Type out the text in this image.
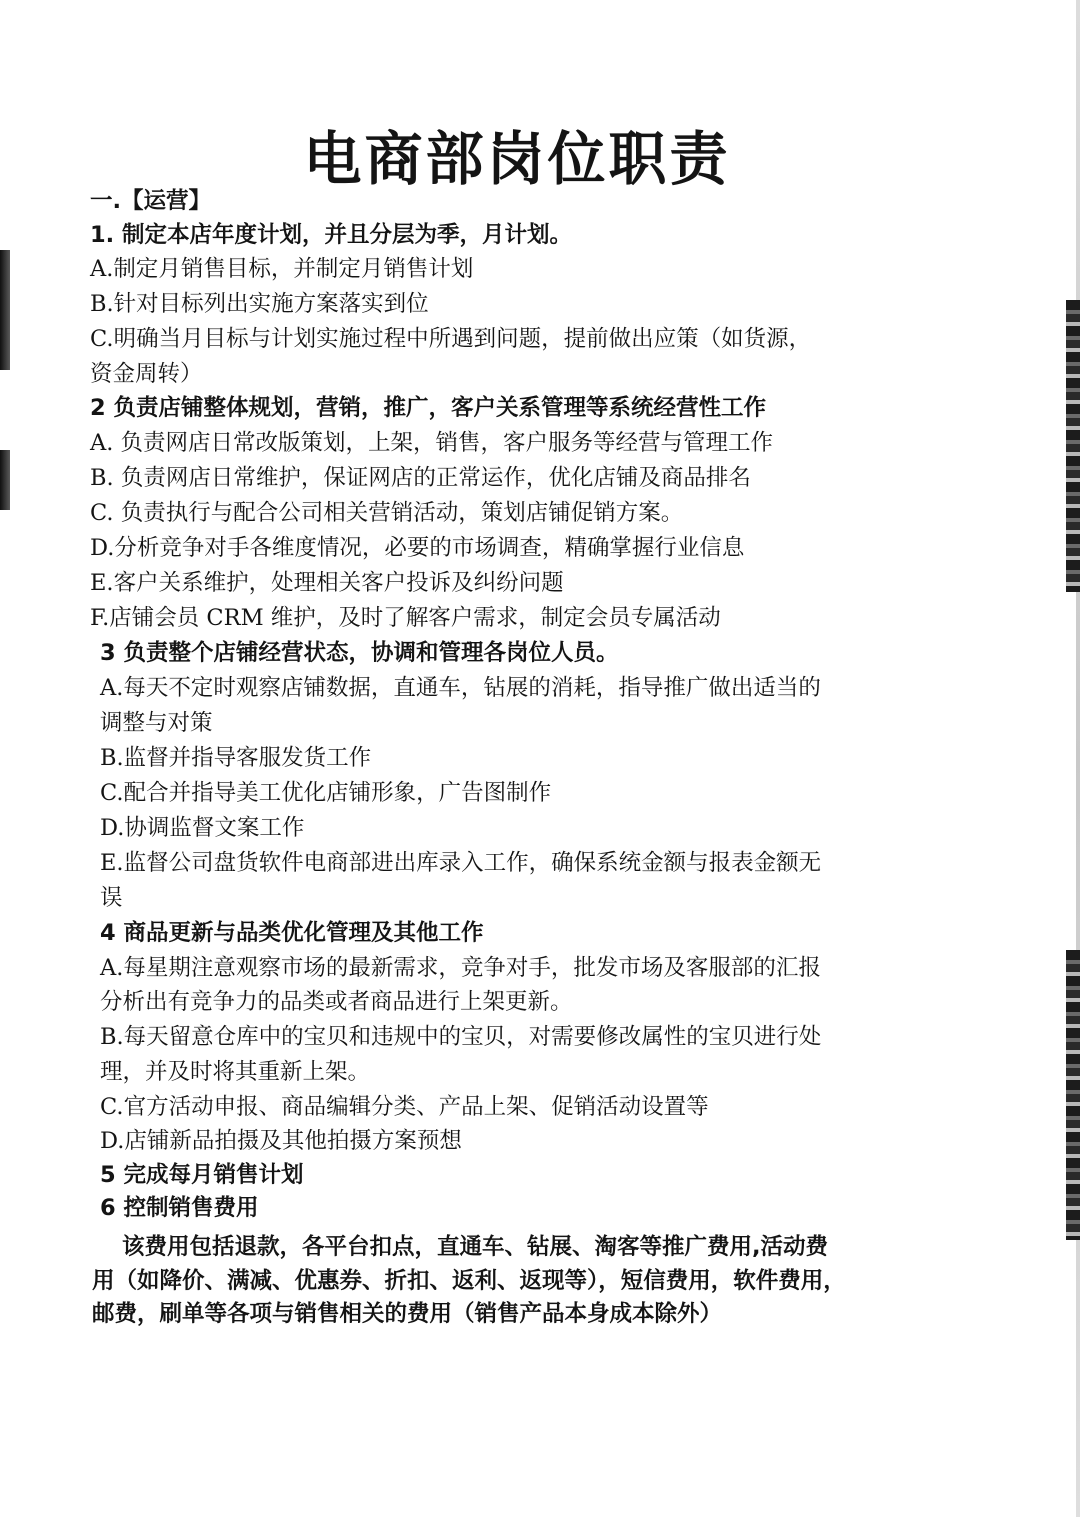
电商部岗位职责

一.【运营】

1. 制定本店年度计划，并且分层为季，月计划。

A.制定月销售目标，并制定月销售计划

B.针对目标列出实施方案落实到位

C.明确当月目标与计划实施过程中所遇到问题，提前做出应策（如货源，

资金周转）

2 负责店铺整体规划，营销，推广，客户关系管理等系统经营性工作

A. 负责网店日常改版策划，上架，销售，客户服务等经营与管理工作

B. 负责网店日常维护，保证网店的正常运作，优化店铺及商品排名

C. 负责执行与配合公司相关营销活动，策划店铺促销方案。

D.分析竞争对手各维度情况，必要的市场调查，精确掌握行业信息

E.客户关系维护，处理相关客户投诉及纠纷问题

F.店铺会员 CRM 维护，及时了解客户需求，制定会员专属活动

3 负责整个店铺经营状态，协调和管理各岗位人员。

A.每天不定时观察店铺数据，直通车，钻展的消耗，指导推广做出适当的

调整与对策

B.监督并指导客服发货工作

C.配合并指导美工优化店铺形象，广告图制作

D.协调监督文案工作

E.监督公司盘货软件电商部进出库录入工作，确保系统金额与报表金额无

误

4 商品更新与品类优化管理及其他工作

A.每星期注意观察市场的最新需求，竞争对手，批发市场及客服部的汇报

分析出有竞争力的品类或者商品进行上架更新。

B.每天留意仓库中的宝贝和违规中的宝贝，对需要修改属性的宝贝进行处

理，并及时将其重新上架。

C.官方活动申报、商品编辑分类、产品上架、促销活动设置等

D.店铺新品拍摄及其他拍摄方案预想

5 完成每月销售计划

6 控制销售费用

该费用包括退款，各平台扣点，直通车、钻展、淘客等推广费用,活动费

用（如降价、满减、优惠券、折扣、返利、返现等），短信费用，软件费用，

邮费，刷单等各项与销售相关的费用（销售产品本身成本除外）
